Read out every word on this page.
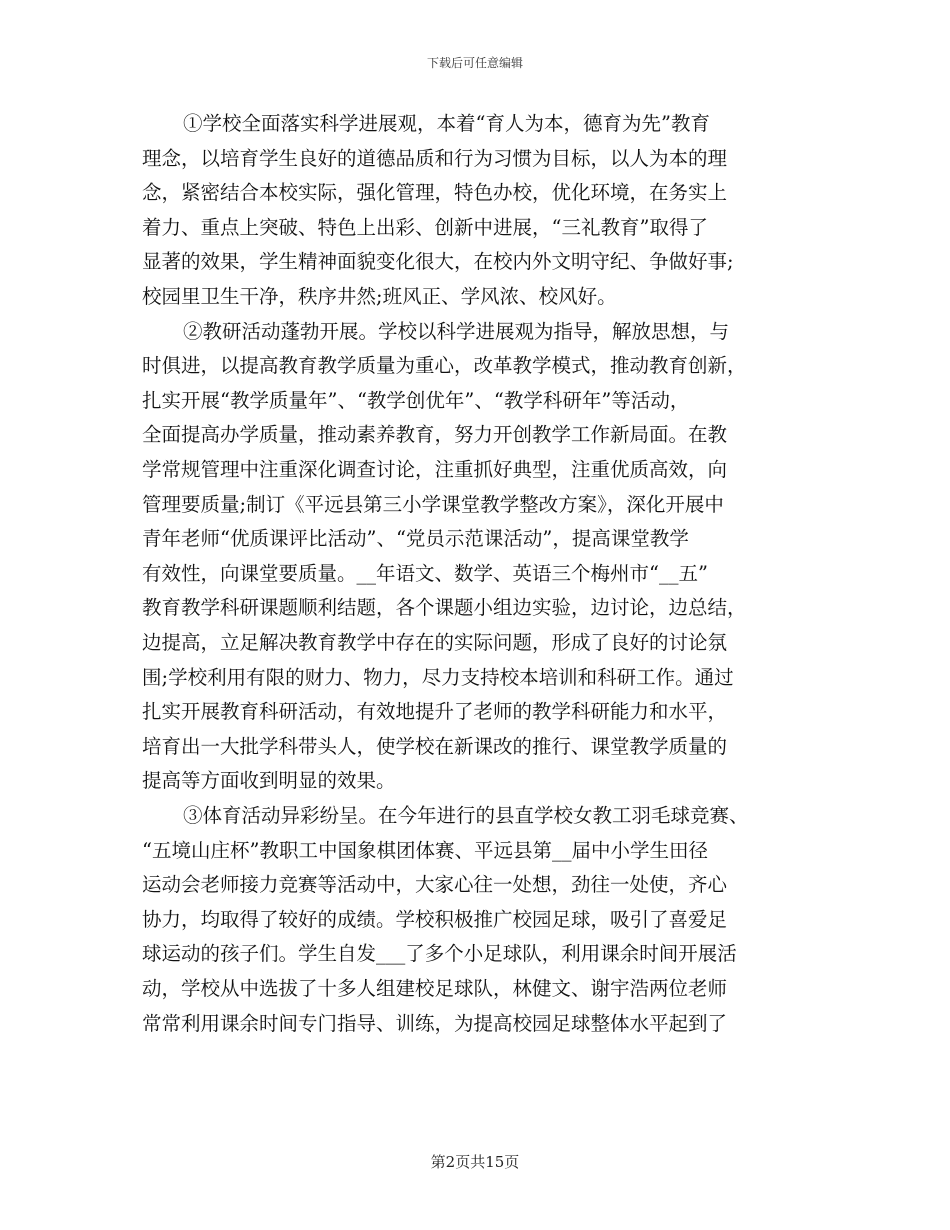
下载后可任意编辑
①学校全面落实科学进展观，本着“育人为本，德育为先”教育
理念，以培育学生良好的道德品质和行为习惯为目标，以人为本的理
念，紧密结合本校实际，强化管理，特色办校，优化环境，在务实上
着力、重点上突破、特色上出彩、创新中进展，“三礼教育”取得了
显著的效果，学生精神面貌变化很大，在校内外文明守纪、争做好事;
校园里卫生干净，秩序井然;班风正、学风浓、校风好。
②教研活动蓬勃开展。学校以科学进展观为指导，解放思想，与
时俱进，以提高教育教学质量为重心，改革教学模式，推动教育创新，
扎实开展“教学质量年”、“教学创优年”、“教学科研年”等活动，
全面提高办学质量，推动素养教育，努力开创教学工作新局面。在教
学常规管理中注重深化调查讨论，注重抓好典型，注重优质高效，向
管理要质量;制订《平远县第三小学课堂教学整改方案》，深化开展中
青年老师“优质课评比活动”、“党员示范课活动”，提高课堂教学
有效性，向课堂要质量。__年语文、数学、英语三个梅州市“__五”
教育教学科研课题顺利结题，各个课题小组边实验，边讨论，边总结，
边提高，立足解决教育教学中存在的实际问题，形成了良好的讨论氛
围;学校利用有限的财力、物力，尽力支持校本培训和科研工作。通过
扎实开展教育科研活动，有效地提升了老师的教学科研能力和水平，
培育出一大批学科带头人，使学校在新课改的推行、课堂教学质量的
提高等方面收到明显的效果。
③体育活动异彩纷呈。在今年进行的县直学校女教工羽毛球竞赛、
“五境山庄杯”教职工中国象棋团体赛、平远县第__届中小学生田径
运动会老师接力竞赛等活动中，大家心往一处想，劲往一处使，齐心
协力，均取得了较好的成绩。学校积极推广校园足球，吸引了喜爱足
球运动的孩子们。学生自发___了多个小足球队，利用课余时间开展活
动，学校从中选拔了十多人组建校足球队，林健文、谢宇浩两位老师
常常利用课余时间专门指导、训练，为提高校园足球整体水平起到了
第2页共15页
